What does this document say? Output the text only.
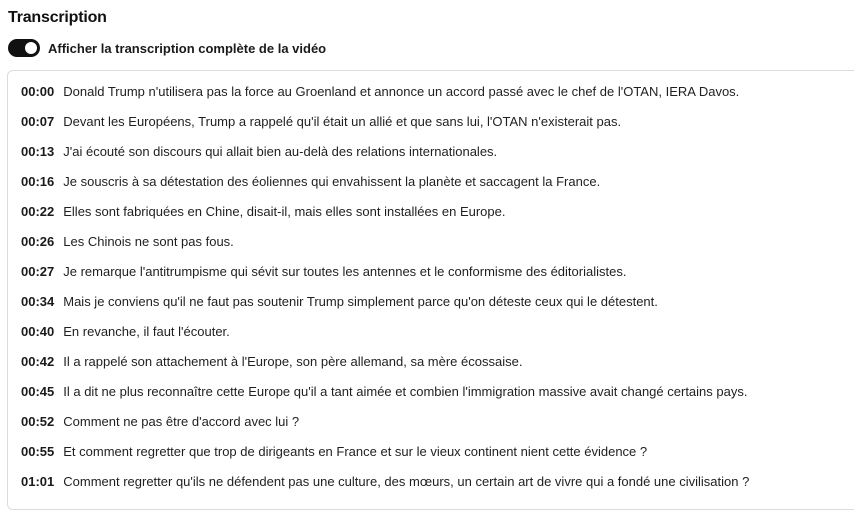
Transcription
Afficher la transcription complète de la vidéo
00:00 Donald Trump n'utilisera pas la force au Groenland et annonce un accord passé avec le chef de l'OTAN, IERA Davos.
00:07 Devant les Européens, Trump a rappelé qu'il était un allié et que sans lui, l'OTAN n'existerait pas.
00:13 J'ai écouté son discours qui allait bien au-delà des relations internationales.
00:16 Je souscris à sa détestation des éoliennes qui envahissent la planète et saccagent la France.
00:22 Elles sont fabriquées en Chine, disait-il, mais elles sont installées en Europe.
00:26 Les Chinois ne sont pas fous.
00:27 Je remarque l'antitrumpisme qui sévit sur toutes les antennes et le conformisme des éditorialistes.
00:34 Mais je conviens qu'il ne faut pas soutenir Trump simplement parce qu'on déteste ceux qui le détestent.
00:40 En revanche, il faut l'écouter.
00:42 Il a rappelé son attachement à l'Europe, son père allemand, sa mère écossaise.
00:45 Il a dit ne plus reconnaître cette Europe qu'il a tant aimée et combien l'immigration massive avait changé certains pays.
00:52 Comment ne pas être d'accord avec lui ?
00:55 Et comment regretter que trop de dirigeants en France et sur le vieux continent nient cette évidence ?
01:01 Comment regretter qu'ils ne défendent pas une culture, des mœurs, un certain art de vivre qui a fondé une civilisation ?
